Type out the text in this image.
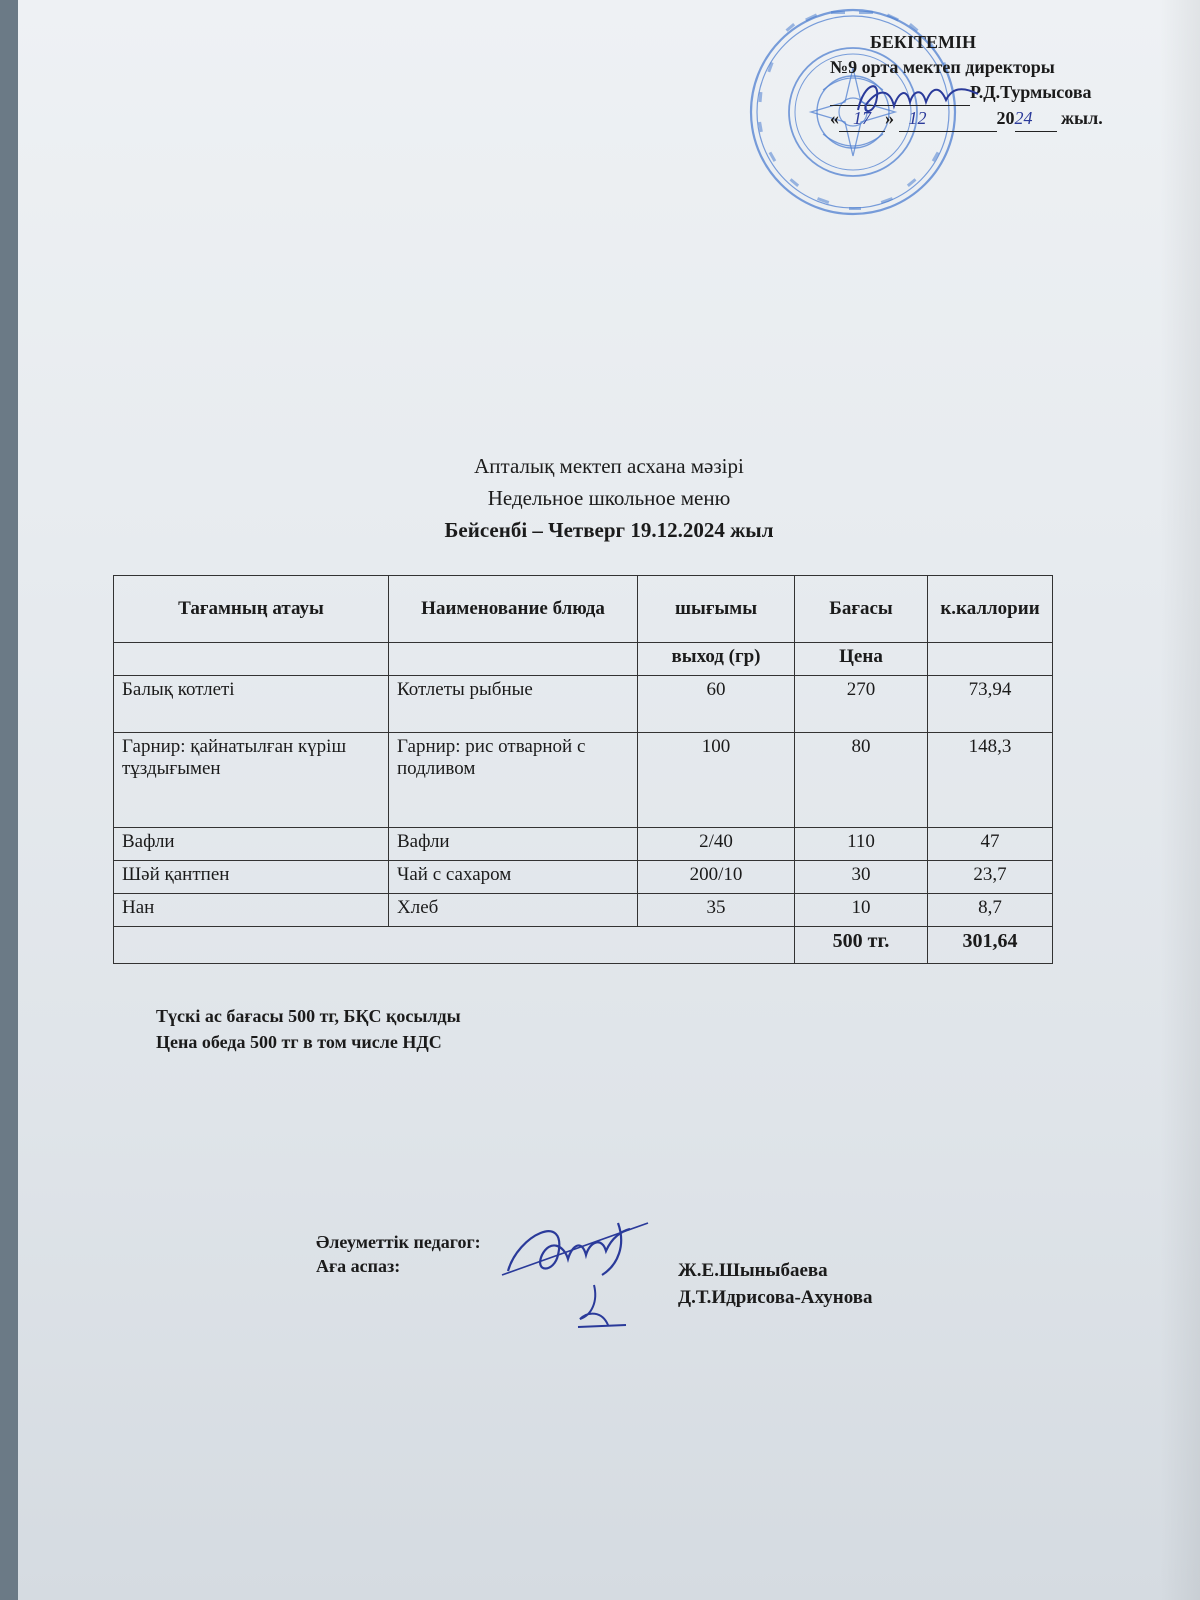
БЕКІТЕМІН
№9 орта мектеп директоры
Р.Д.Турмысова
« 17 » 12	2024 жыл.
Апталық мектеп асхана мәзірі
Недельное школьное меню
Бейсенбі – Четверг 19.12.2024 жыл
Тағамның атауы	Наименование блюда	шығымы	Бағасы	к.каллории
		выход (гр)	Цена	
Балық котлеті	Котлеты рыбные	60	270	73,94
Гарнир: қайнатылған күріш тұздығымен	Гарнир: рис отварной с подливом	100	80	148,3
Вафли	Вафли	2/40	110	47
Шәй қантпен	Чай с сахаром	200/10	30	23,7
Нан	Хлеб	35	10	8,7
			500 тг.	301,64
Түскі ас бағасы 500 тг, БҚС қосылды
Цена обеда 500 тг в том числе НДС
Әлеуметтік педагог:
Аға аспаз:	Ж.Е.Шыныбаева
Д.Т.Идрисова-Ахунова
